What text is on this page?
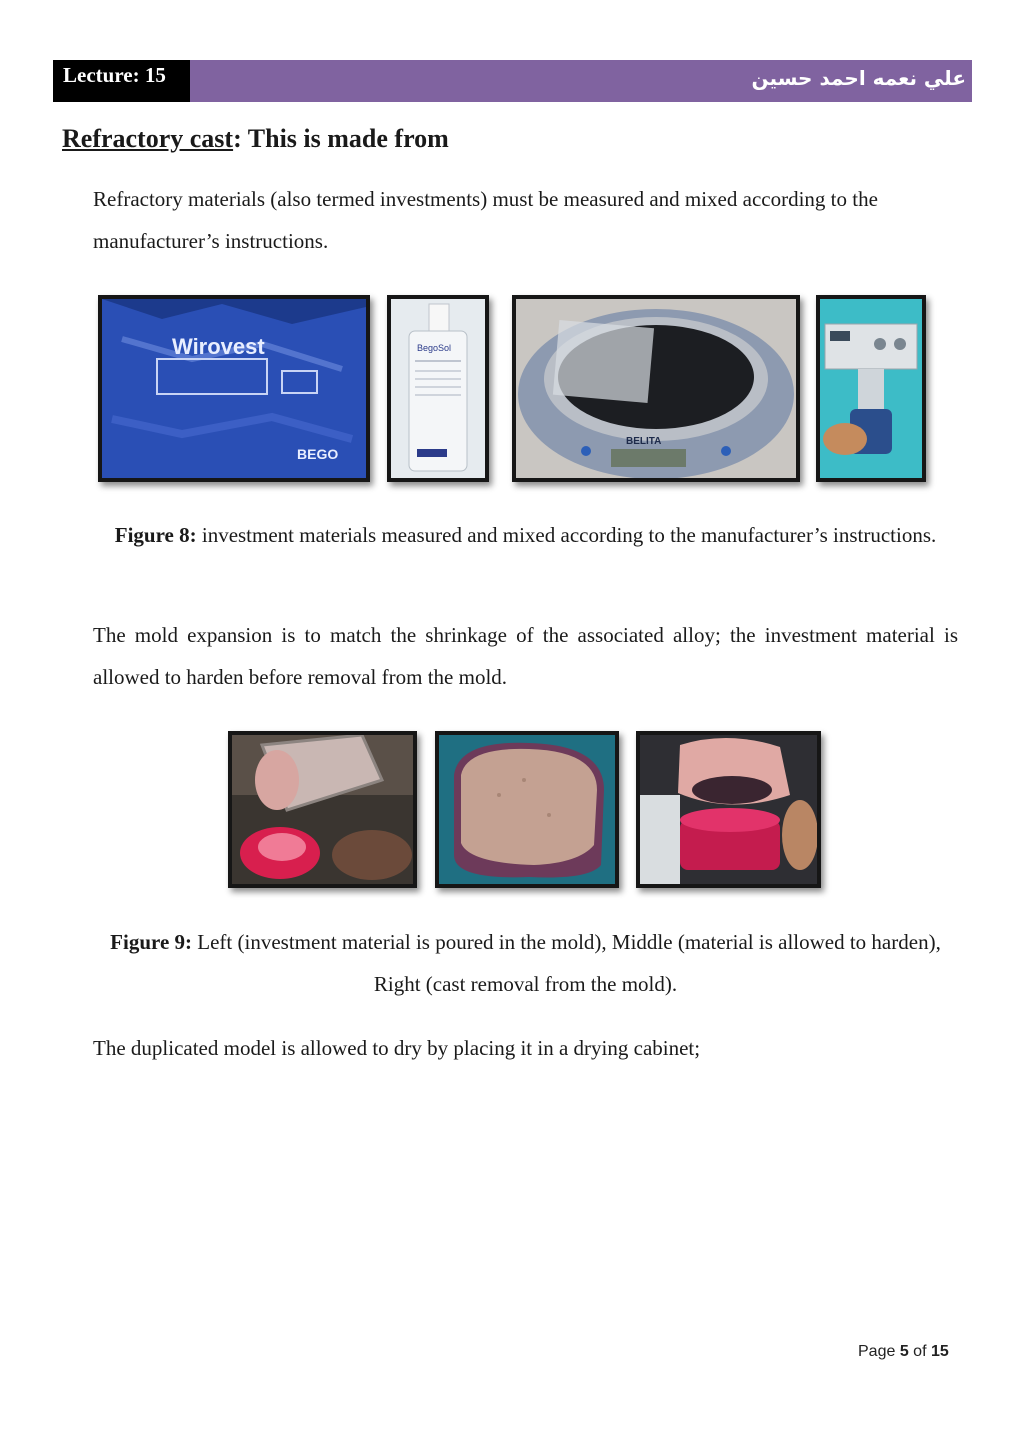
Lecture: 15	علي نعمه احمد حسين
Refractory cast: This is made from

Refractory materials (also termed investments) must be measured and mixed according to the manufacturer’s instructions.

Wirovest
BEGO
BegoSol
BELITA

Figure 8: investment materials measured and mixed according to the manufacturer’s instructions.

The mold expansion is to match the shrinkage of the associated alloy; the investment material is allowed to harden before removal from the mold.

Figure 9: Left (investment material is poured in the mold), Middle (material is allowed to harden), Right (cast removal from the mold).

The duplicated model is allowed to dry by placing it in a drying cabinet;

Page 5 of 15
